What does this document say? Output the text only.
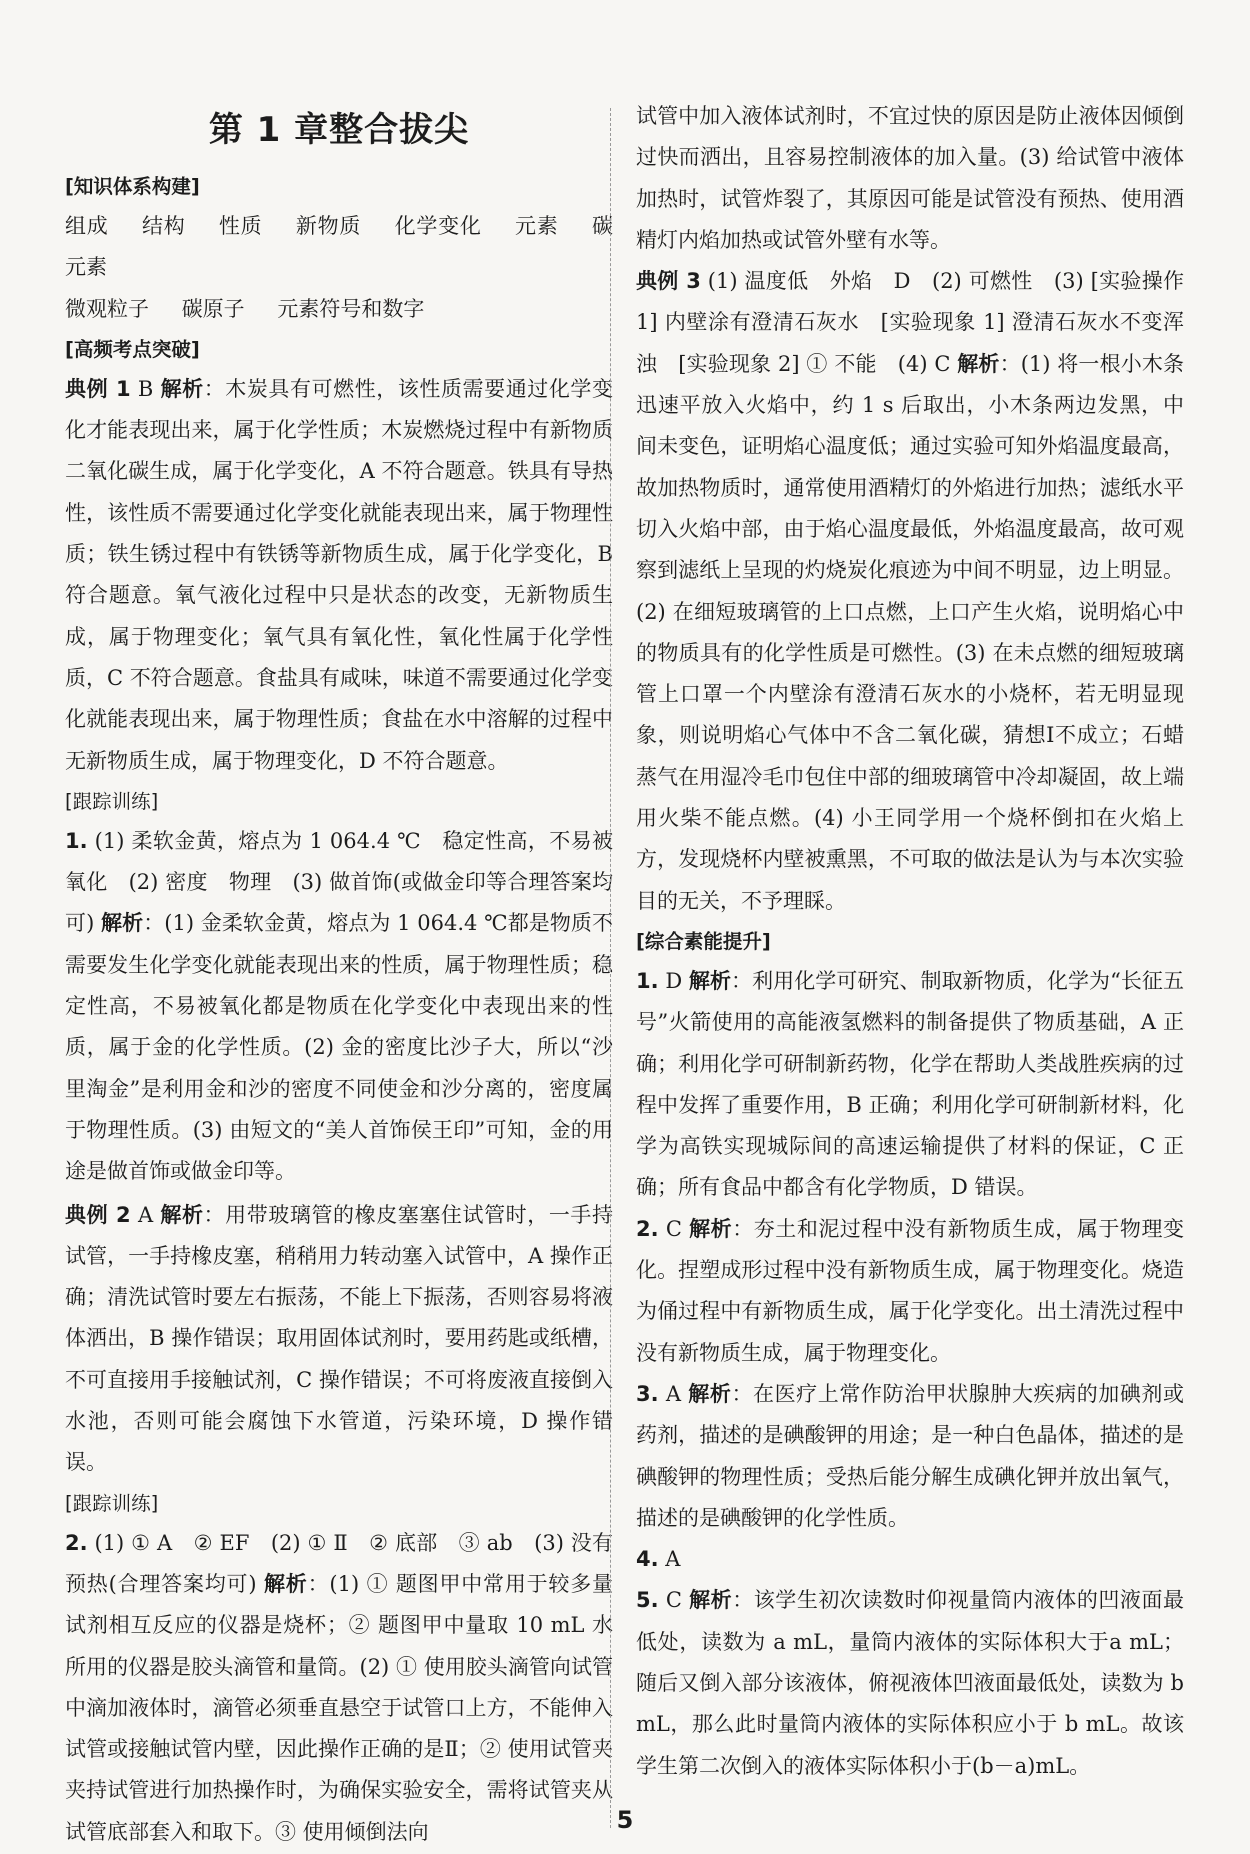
第 1 章整合拔尖
[知识体系构建]
组成 结构 性质 新物质 化学变化 元素 碳元素
微观粒子 碳原子 元素符号和数字
[高频考点突破]

典例 1 B 解析：木炭具有可燃性，该性质需要通过化学变化才能表现出来，属于化学性质；木炭燃烧过程中有新物质二氧化碳生成，属于化学变化，A 不符合题意。铁具有导热性，该性质不需要通过化学变化就能表现出来，属于物理性质；铁生锈过程中有铁锈等新物质生成，属于化学变化，B 符合题意。氧气液化过程中只是状态的改变，无新物质生成，属于物理变化；氧气具有氧化性，氧化性属于化学性质，C 不符合题意。食盐具有咸味，味道不需要通过化学变化就能表现出来，属于物理性质；食盐在水中溶解的过程中无新物质生成，属于物理变化，D 不符合题意。

[跟踪训练]

1. (1) 柔软金黄，熔点为 1 064.4 ℃　稳定性高，不易被氧化　(2) 密度　物理　(3) 做首饰(或做金印等合理答案均可) 解析：(1) 金柔软金黄，熔点为 1 064.4 ℃都是物质不需要发生化学变化就能表现出来的性质，属于物理性质；稳定性高，不易被氧化都是物质在化学变化中表现出来的性质，属于金的化学性质。(2) 金的密度比沙子大，所以“沙里淘金”是利用金和沙的密度不同使金和沙分离的，密度属于物理性质。(3) 由短文的“美人首饰侯王印”可知，金的用途是做首饰或做金印等。

典例 2 A 解析：用带玻璃管的橡皮塞塞住试管时，一手持试管，一手持橡皮塞，稍稍用力转动塞入试管中，A 操作正确；清洗试管时要左右振荡，不能上下振荡，否则容易将液体洒出，B 操作错误；取用固体试剂时，要用药匙或纸槽，不可直接用手接触试剂，C 操作错误；不可将废液直接倒入水池，否则可能会腐蚀下水管道，污染环境，D 操作错误。

[跟踪训练]

2. (1) ① A　② EF　(2) ① Ⅱ　② 底部　③ ab　(3) 没有预热(合理答案均可) 解析：(1) ① 题图甲中常用于较多量试剂相互反应的仪器是烧杯；② 题图甲中量取 10 mL 水所用的仪器是胶头滴管和量筒。(2) ① 使用胶头滴管向试管中滴加液体时，滴管必须垂直悬空于试管口上方，不能伸入试管或接触试管内壁，因此操作正确的是Ⅱ；② 使用试管夹夹持试管进行加热操作时，为确保实验安全，需将试管夹从试管底部套入和取下。③ 使用倾倒法向

试管中加入液体试剂时，不宜过快的原因是防止液体因倾倒过快而洒出，且容易控制液体的加入量。(3) 给试管中液体加热时，试管炸裂了，其原因可能是试管没有预热、使用酒精灯内焰加热或试管外壁有水等。

典例 3 (1) 温度低　外焰　D　(2) 可燃性　(3) [实验操作 1] 内壁涂有澄清石灰水　[实验现象 1] 澄清石灰水不变浑浊　[实验现象 2] ① 不能　(4) C 解析：(1) 将一根小木条迅速平放入火焰中，约 1 s 后取出，小木条两边发黑，中间未变色，证明焰心温度低；通过实验可知外焰温度最高，故加热物质时，通常使用酒精灯的外焰进行加热；滤纸水平切入火焰中部，由于焰心温度最低，外焰温度最高，故可观察到滤纸上呈现的灼烧炭化痕迹为中间不明显，边上明显。(2) 在细短玻璃管的上口点燃，上口产生火焰，说明焰心中的物质具有的化学性质是可燃性。(3) 在未点燃的细短玻璃管上口罩一个内壁涂有澄清石灰水的小烧杯，若无明显现象，则说明焰心气体中不含二氧化碳，猜想Ⅰ不成立；石蜡蒸气在用湿冷毛巾包住中部的细玻璃管中冷却凝固，故上端用火柴不能点燃。(4) 小王同学用一个烧杯倒扣在火焰上方，发现烧杯内壁被熏黑，不可取的做法是认为与本次实验目的无关，不予理睬。

[综合素能提升]

1. D 解析：利用化学可研究、制取新物质，化学为“长征五号”火箭使用的高能液氢燃料的制备提供了物质基础，A 正确；利用化学可研制新药物，化学在帮助人类战胜疾病的过程中发挥了重要作用，B 正确；利用化学可研制新材料，化学为高铁实现城际间的高速运输提供了材料的保证，C 正确；所有食品中都含有化学物质，D 错误。

2. C 解析：夯土和泥过程中没有新物质生成，属于物理变化。捏塑成形过程中没有新物质生成，属于物理变化。烧造为俑过程中有新物质生成，属于化学变化。出土清洗过程中没有新物质生成，属于物理变化。

3. A 解析：在医疗上常作防治甲状腺肿大疾病的加碘剂或药剂，描述的是碘酸钾的用途；是一种白色晶体，描述的是碘酸钾的物理性质；受热后能分解生成碘化钾并放出氧气，描述的是碘酸钾的化学性质。

4. A

5. C 解析：该学生初次读数时仰视量筒内液体的凹液面最低处，读数为 a mL，量筒内液体的实际体积大于a mL；随后又倒入部分该液体，俯视液体凹液面最低处，读数为 b mL，那么此时量筒内液体的实际体积应小于 b mL。故该学生第二次倒入的液体实际体积小于(b－a)mL。

5
